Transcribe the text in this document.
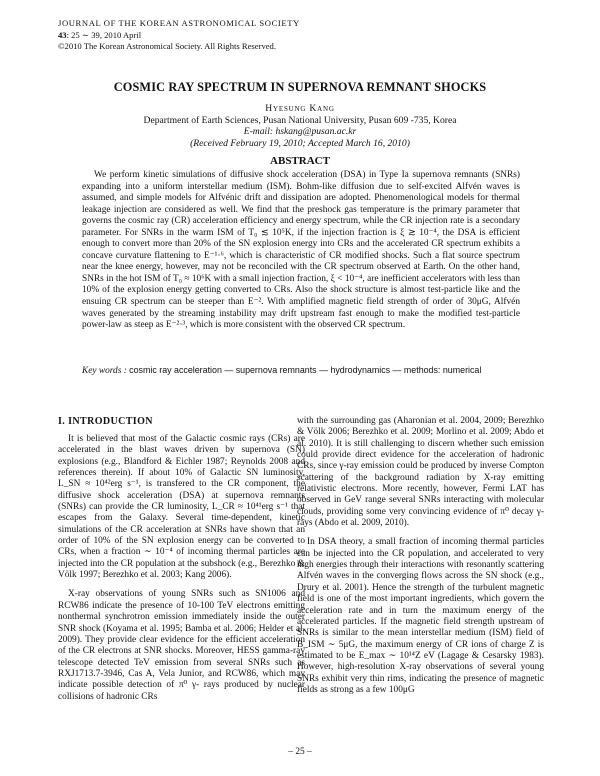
JOURNAL OF THE KOREAN ASTRONOMICAL SOCIETY
43: 25 ∼ 39, 2010 April
©2010 The Korean Astronomical Society. All Rights Reserved.
COSMIC RAY SPECTRUM IN SUPERNOVA REMNANT SHOCKS
Hyesung Kang
Department of Earth Sciences, Pusan National University, Pusan 609 -735, Korea
E-mail: hskang@pusan.ac.kr
(Received February 19, 2010; Accepted March 16, 2010)
ABSTRACT
We perform kinetic simulations of diffusive shock acceleration (DSA) in Type Ia supernova remnants (SNRs) expanding into a uniform interstellar medium (ISM). Bohm-like diffusion due to self-excited Alfvén waves is assumed, and simple models for Alfvénic drift and dissipation are adopted. Phenomenological models for thermal leakage injection are considered as well. We find that the preshock gas temperature is the primary parameter that governs the cosmic ray (CR) acceleration efficiency and energy spectrum, while the CR injection rate is a secondary parameter. For SNRs in the warm ISM of T₀ ≲ 10⁵K, if the injection fraction is ξ ≳ 10⁻⁴, the DSA is efficient enough to convert more than 20% of the SN explosion energy into CRs and the accelerated CR spectrum exhibits a concave curvature flattening to E⁻¹·⁶, which is characteristic of CR modified shocks. Such a flat source spectrum near the knee energy, however, may not be reconciled with the CR spectrum observed at Earth. On the other hand, SNRs in the hot ISM of T₀ ≈ 10⁶K with a small injection fraction, ξ < 10⁻⁴, are inefficient accelerators with less than 10% of the explosion energy getting converted to CRs. Also the shock structure is almost test-particle like and the ensuing CR spectrum can be steeper than E⁻². With amplified magnetic field strength of order of 30μG, Alfvén waves generated by the streaming instability may drift upstream fast enough to make the modified test-particle power-law as steep as E⁻²·³, which is more consistent with the observed CR spectrum.
Key words : cosmic ray acceleration — supernova remnants — hydrodynamics — methods: numerical
I. INTRODUCTION

It is believed that most of the Galactic cosmic rays (CRs) are accelerated in the blast waves driven by supernova (SN) explosions (e.g., Blandford & Eichler 1987; Reynolds 2008 and references therein). If about 10% of Galactic SN luminosity, L_SN ≈ 10⁴²erg s⁻¹, is transfered to the CR component, the diffusive shock acceleration (DSA) at supernova remnants (SNRs) can provide the CR luminosity, L_CR ≈ 10⁴¹erg s⁻¹ that escapes from the Galaxy. Several time-dependent, kinetic simulations of the CR acceleration at SNRs have shown that an order of 10% of the SN explosion energy can be converted to CRs, when a fraction ∼ 10⁻⁴ of incoming thermal particles are injected into the CR population at the subshock (e.g., Berezhko & Völk 1997; Berezhko et al. 2003; Kang 2006).

X-ray observations of young SNRs such as SN1006 and RCW86 indicate the presence of 10-100 TeV electrons emitting nonthermal synchrotron emission immediately inside the outer SNR shock (Koyama et al. 1995; Bamba et al. 2006; Helder et al. 2009). They provide clear evidence for the efficient acceleration of the CR electrons at SNR shocks. Moreover, HESS gamma-ray telescope detected TeV emission from several SNRs such as RXJ1713.7-3946, Cas A, Vela Junior, and RCW86, which may indicate possible detection of π⁰ γ- rays produced by nuclear collisions of hadronic CRs

with the surrounding gas (Aharonian et al. 2004, 2009; Berezhko & Völk 2006; Berezhko et al. 2009; Morlino et al. 2009; Abdo et al. 2010). It is still challenging to discern whether such emission could provide direct evidence for the acceleration of hadronic CRs, since γ-ray emission could be produced by inverse Compton scattering of the background radiation by X-ray emitting relativistic electrons. More recently, however, Fermi LAT has observed in GeV range several SNRs interacting with molecular clouds, providing some very convincing evidence of π⁰ decay γ-rays (Abdo et al. 2009, 2010).

In DSA theory, a small fraction of incoming thermal particles can be injected into the CR population, and accelerated to very high energies through their interactions with resonantly scattering Alfvén waves in the converging flows across the SN shock (e.g., Drury et al. 2001). Hence the strength of the turbulent magnetic field is one of the most important ingredients, which govern the acceleration rate and in turn the maximum energy of the accelerated particles. If the magnetic field strength upstream of SNRs is similar to the mean interstellar medium (ISM) field of B_ISM ∼ 5μG, the maximum energy of CR ions of charge Z is estimated to be E_max ∼ 10¹⁴Z eV (Lagage & Cesarsky 1983). However, high-resolution X-ray observations of several young SNRs exhibit very thin rims, indicating the presence of magnetic fields as strong as a few 100μG

– 25 –
